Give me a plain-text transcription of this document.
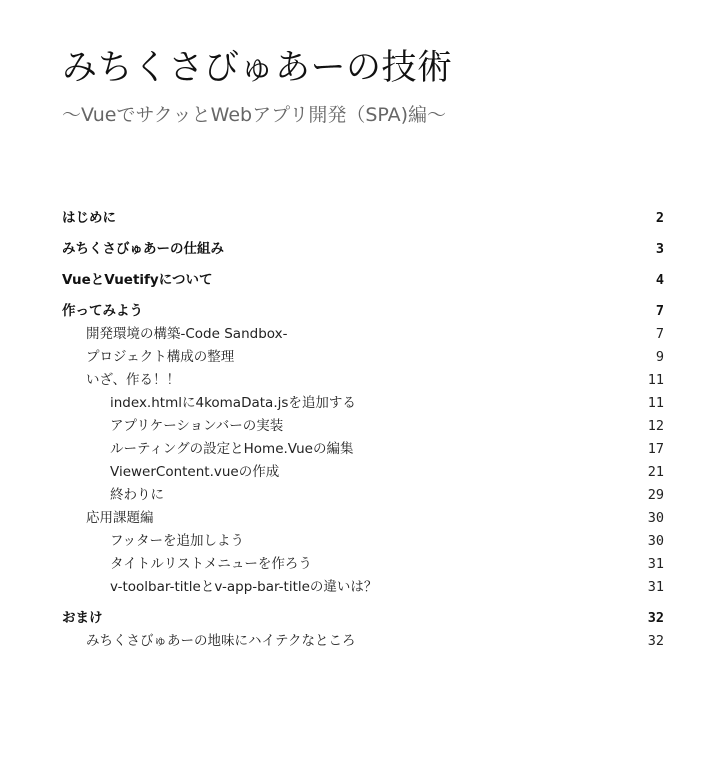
みちくさびゅあーの技術
～VueでサクッとWebアプリ開発（SPA)編～
はじめに	2
みちくさびゅあーの仕組み	3
VueとVuetifyについて	4
作ってみよう	7
開発環境の構築-Code Sandbox-	7
プロジェクト構成の整理	9
いざ、作る！！	11
index.htmlに4komaData.jsを追加する	11
アプリケーションバーの実装	12
ルーティングの設定とHome.Vueの編集	17
ViewerContent.vueの作成	21
終わりに	29
応用課題編	30
フッターを追加しよう	30
タイトルリストメニューを作ろう	31
v-toolbar-titleとv-app-bar-titleの違いは？	31
おまけ	32
みちくさびゅあーの地味にハイテクなところ	32
